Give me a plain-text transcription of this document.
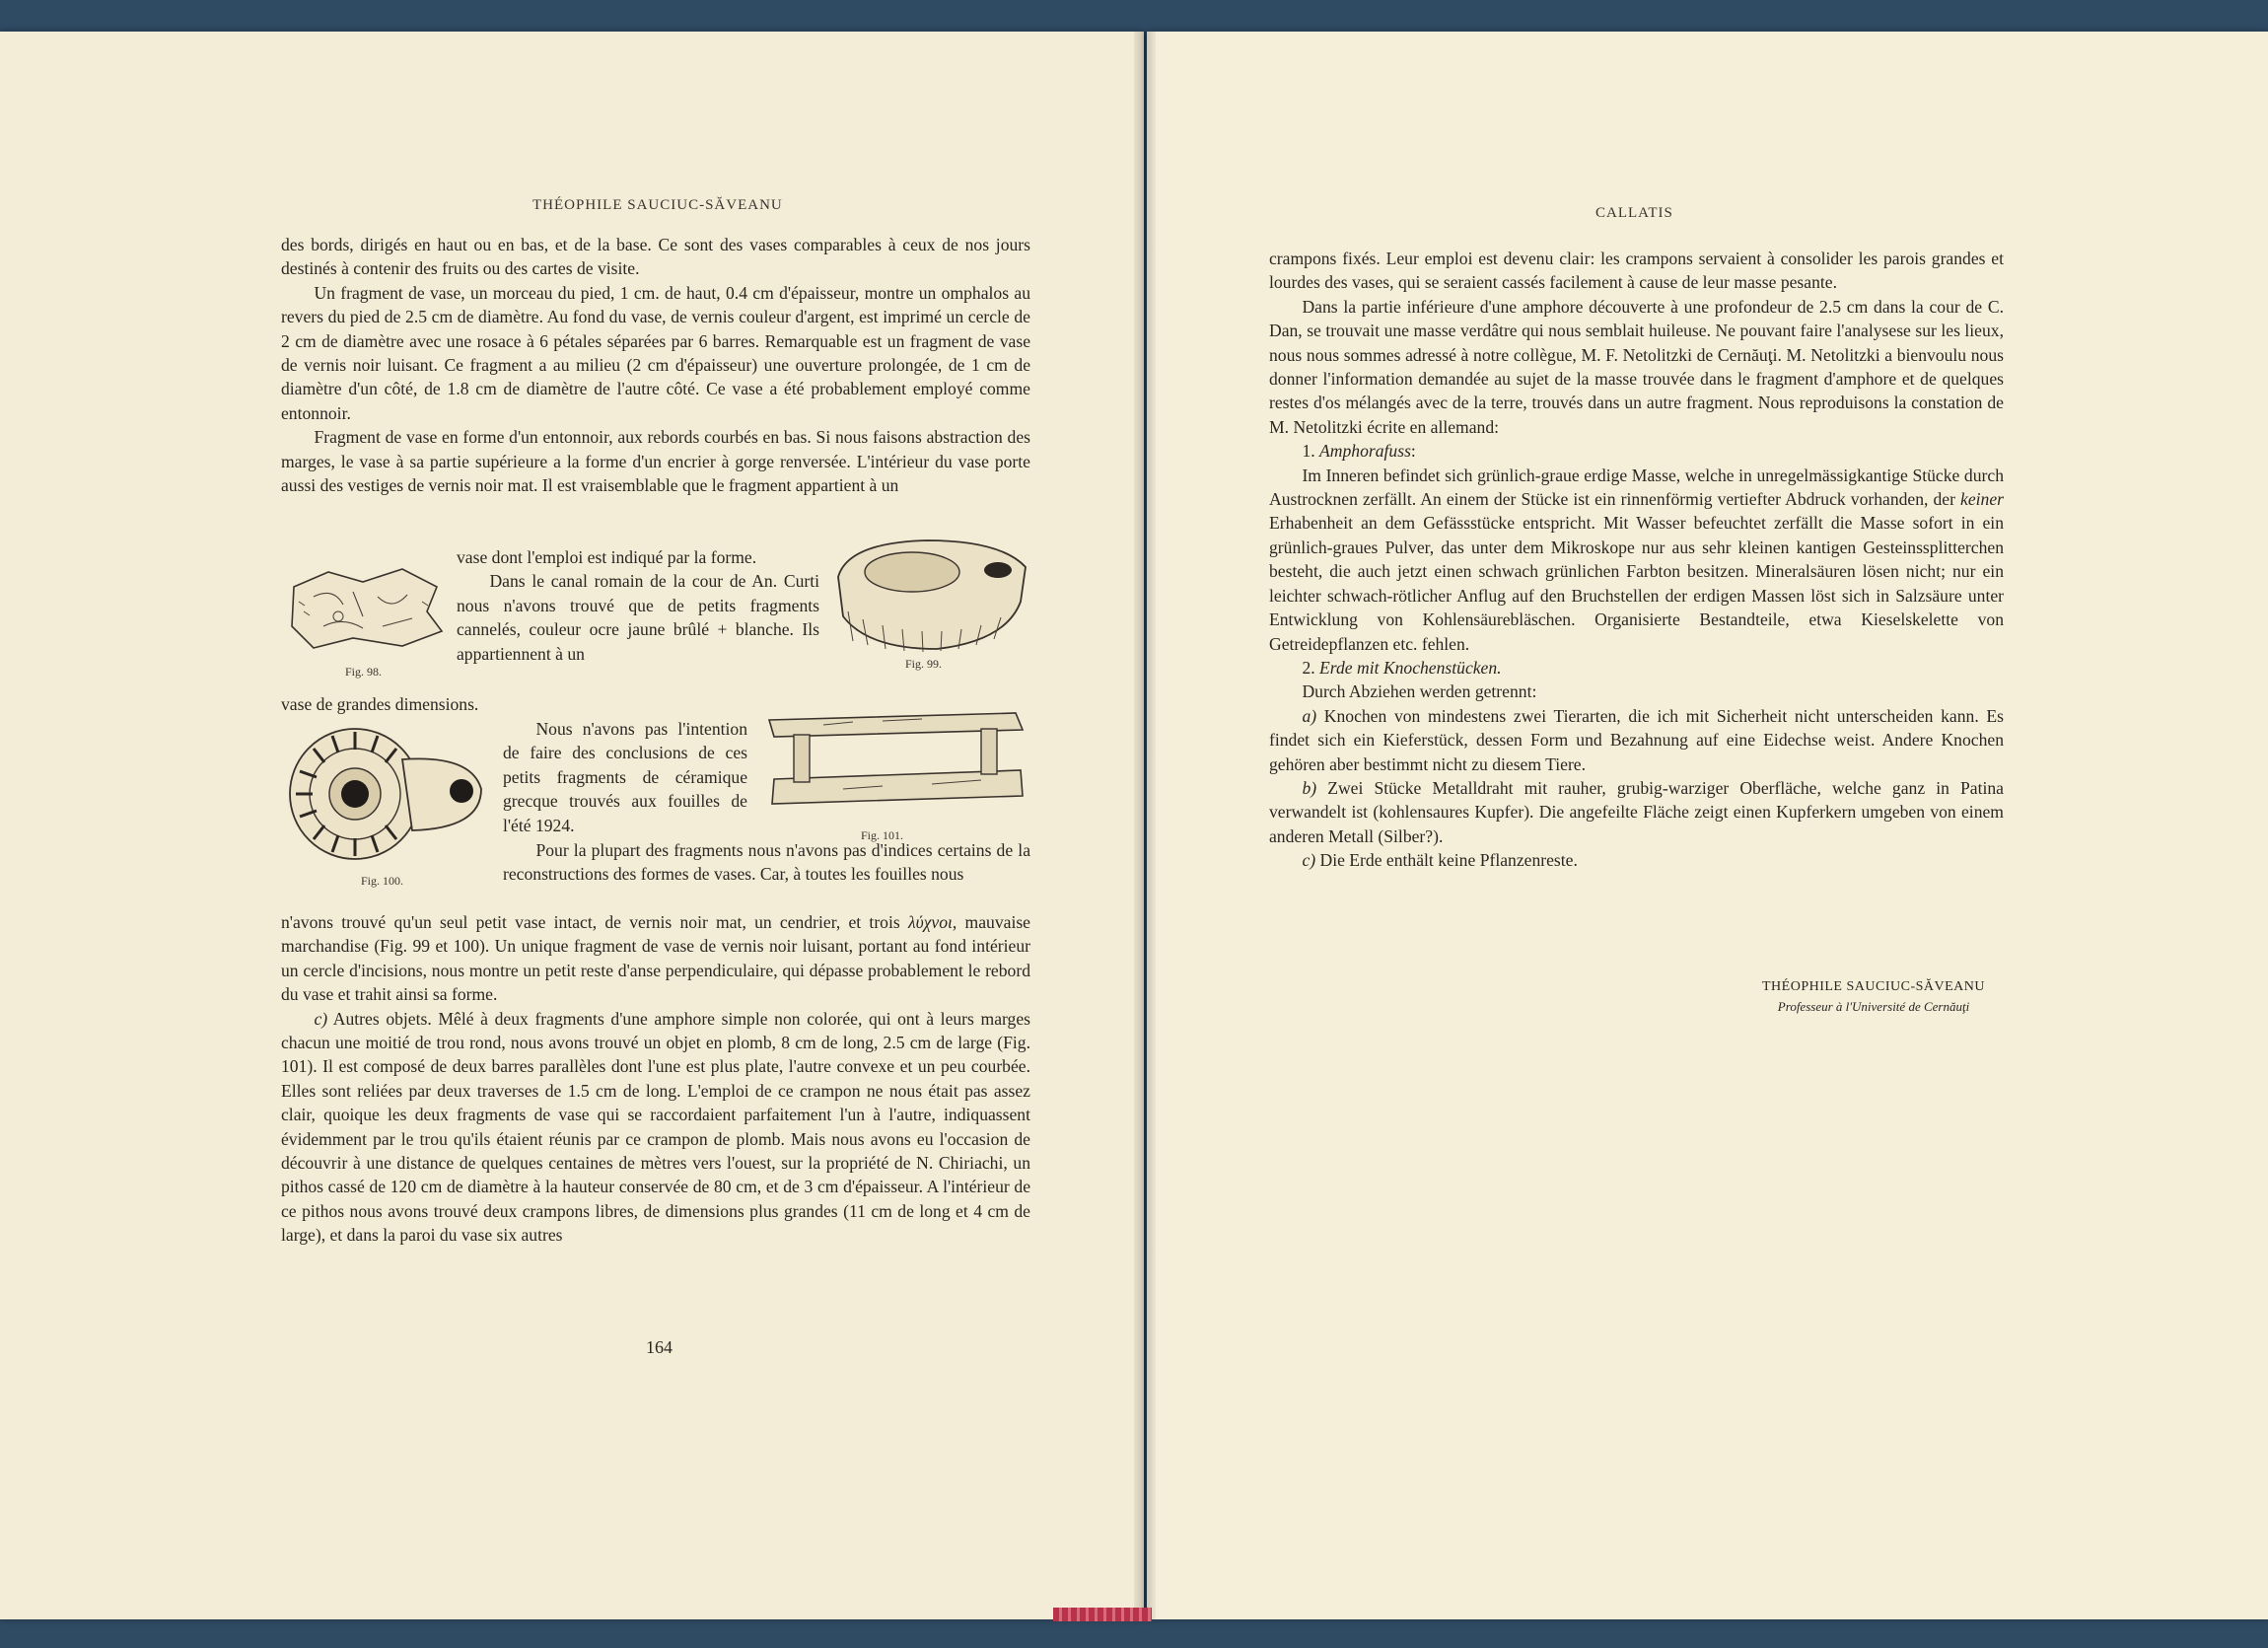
THÉOPHILE SAUCIUC-SĂVEANU

des bords, dirigés en haut ou en bas, et de la base. Ce sont des vases comparables à ceux de nos jours destinés à contenir des fruits ou des cartes de visite.

Un fragment de vase, un morceau du pied, 1 cm. de haut, 0.4 cm d'épaisseur, montre un omphalos au revers du pied de 2.5 cm de diamètre. Au fond du vase, de vernis couleur d'argent, est imprimé un cercle de 2 cm de diamètre avec une rosace à 6 pétales séparées par 6 barres. Remarquable est un fragment de vase de vernis noir luisant. Ce fragment a au milieu (2 cm d'épaisseur) une ouverture prolongée, de 1 cm de diamètre d'un côté, de 1.8 cm de diamètre de l'autre côté. Ce vase a été probablement employé comme entonnoir.

Fragment de vase en forme d'un entonnoir, aux rebords courbés en bas. Si nous faisons abstraction des marges, le vase à sa partie supérieure a la forme d'un encrier à gorge renversée. L'intérieur du vase porte aussi des vestiges de vernis noir mat. Il est vraisemblable que le fragment appartient à un

Fig. 98.
Fig. 99.

vase dont l'emploi est indiqué par la forme.

Dans le canal romain de la cour de An. Curti nous n'avons trouvé que de petits fragments cannelés, couleur ocre jaune brûlé + blanche. Ils appartiennent à un

vase de grandes dimensions.

Fig. 100.
Fig. 101.

Nous n'avons pas l'intention de faire des conclusions de ces petits fragments de céramique grecque trouvés aux fouilles de l'été 1924.

Pour la plupart des fragments nous n'avons pas d'indices certains de la reconstructions des formes de vases. Car, à toutes les fouilles nous

n'avons trouvé qu'un seul petit vase intact, de vernis noir mat, un cendrier, et trois λύχνοι, mauvaise marchandise (Fig. 99 et 100). Un unique fragment de vase de vernis noir luisant, portant au fond intérieur un cercle d'incisions, nous montre un petit reste d'anse perpendiculaire, qui dépasse probablement le rebord du vase et trahit ainsi sa forme.

c) Autres objets. Mêlé à deux fragments d'une amphore simple non colorée, qui ont à leurs marges chacun une moitié de trou rond, nous avons trouvé un objet en plomb, 8 cm de long, 2.5 cm de large (Fig. 101). Il est composé de deux barres parallèles dont l'une est plus plate, l'autre convexe et un peu courbée. Elles sont reliées par deux traverses de 1.5 cm de long. L'emploi de ce crampon ne nous était pas assez clair, quoique les deux fragments de vase qui se raccordaient parfaitement l'un à l'autre, indiquassent évidemment par le trou qu'ils étaient réunis par ce crampon de plomb. Mais nous avons eu l'occasion de découvrir à une distance de quelques centaines de mètres vers l'ouest, sur la propriété de N. Chiriachi, un pithos cassé de 120 cm de diamètre à la hauteur conservée de 80 cm, et de 3 cm d'épaisseur. A l'intérieur de ce pithos nous avons trouvé deux crampons libres, de dimensions plus grandes (11 cm de long et 4 cm de large), et dans la paroi du vase six autres

164
CALLATIS

crampons fixés. Leur emploi est devenu clair: les crampons servaient à consolider les parois grandes et lourdes des vases, qui se seraient cassés facilement à cause de leur masse pesante.

Dans la partie inférieure d'une amphore découverte à une profondeur de 2.5 cm dans la cour de C. Dan, se trouvait une masse verdâtre qui nous semblait huileuse. Ne pouvant faire l'analysese sur les lieux, nous nous sommes adressé à notre collègue, M. F. Netolitzki de Cernăuţi. M. Netolitzki a bienvoulu nous donner l'information demandée au sujet de la masse trouvée dans le fragment d'amphore et de quelques restes d'os mélangés avec de la terre, trouvés dans un autre fragment. Nous reproduisons la constation de M. Netolitzki écrite en allemand:

1. Amphorafuss:

Im Inneren befindet sich grünlich-graue erdige Masse, welche in unregelmässigkantige Stücke durch Austrocknen zerfällt. An einem der Stücke ist ein rinnenförmig vertiefter Abdruck vorhanden, der keiner Erhabenheit an dem Gefässstücke entspricht. Mit Wasser befeuchtet zerfällt die Masse sofort in ein grünlich-graues Pulver, das unter dem Mikroskope nur aus sehr kleinen kantigen Gesteinssplitterchen besteht, die auch jetzt einen schwach grünlichen Farbton besitzen. Mineralsäuren lösen nicht; nur ein leichter schwach-rötlicher Anflug auf den Bruchstellen der erdigen Massen löst sich in Salzsäure unter Entwicklung von Kohlensäurebläschen. Organisierte Bestandteile, etwa Kieselskelette von Getreidepflanzen etc. fehlen.

2. Erde mit Knochenstücken.

Durch Abziehen werden getrennt:

a) Knochen von mindestens zwei Tierarten, die ich mit Sicherheit nicht unterscheiden kann. Es findet sich ein Kieferstück, dessen Form und Bezahnung auf eine Eidechse weist. Andere Knochen gehören aber bestimmt nicht zu diesem Tiere.

b) Zwei Stücke Metalldraht mit rauher, grubig-warziger Oberfläche, welche ganz in Patina verwandelt ist (kohlensaures Kupfer). Die angefeilte Fläche zeigt einen Kupferkern umgeben von einem anderen Metall (Silber?).

c) Die Erde enthält keine Pflanzenreste.

THÉOPHILE SAUCIUC-SĂVEANU
Professeur à l'Université de Cernăuţi
